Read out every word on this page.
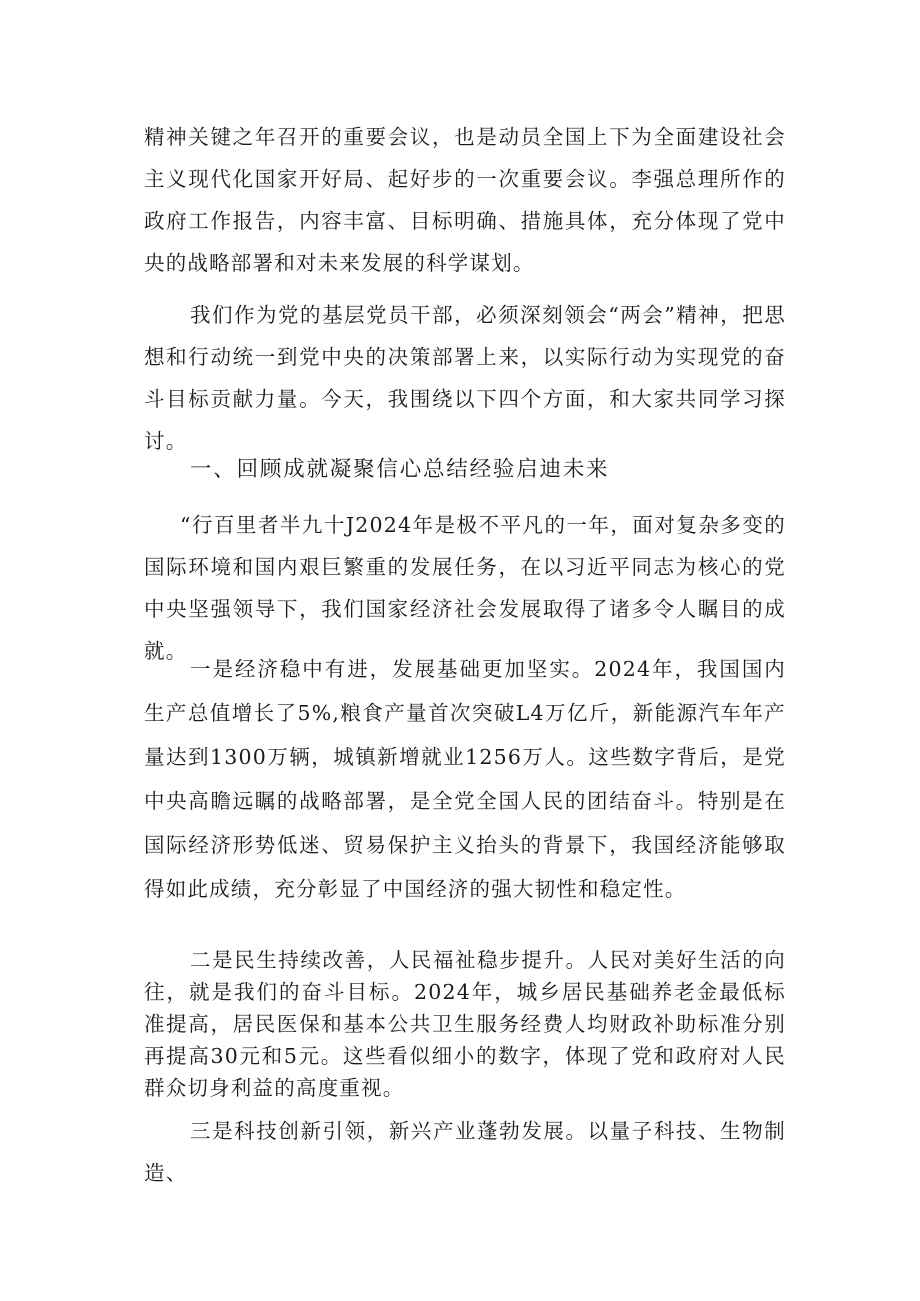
精神关键之年召开的重要会议，也是动员全国上下为全面建设社会主义现代化国家开好局、起好步的一次重要会议。李强总理所作的政府工作报告，内容丰富、目标明确、措施具体，充分体现了党中央的战略部署和对未来发展的科学谋划。

我们作为党的基层党员干部，必须深刻领会“两会”精神，把思想和行动统一到党中央的决策部署上来，以实际行动为实现党的奋斗目标贡献力量。今天，我围绕以下四个方面，和大家共同学习探讨。

一、回顾成就凝聚信心总结经验启迪未来

“行百里者半九十J2024年是极不平凡的一年，面对复杂多变的国际环境和国内艰巨繁重的发展任务，在以习近平同志为核心的党中央坚强领导下，我们国家经济社会发展取得了诸多令人瞩目的成就。

一是经济稳中有进，发展基础更加坚实。2024年，我国国内生产总值增长了5%,粮食产量首次突破L4万亿斤，新能源汽车年产量达到1300万辆，城镇新增就业1256万人。这些数字背后，是党中央高瞻远瞩的战略部署，是全党全国人民的团结奋斗。特别是在国际经济形势低迷、贸易保护主义抬头的背景下，我国经济能够取得如此成绩，充分彰显了中国经济的强大韧性和稳定性。

二是民生持续改善，人民福祉稳步提升。人民对美好生活的向往，就是我们的奋斗目标。2024年，城乡居民基础养老金最低标准提高，居民医保和基本公共卫生服务经费人均财政补助标准分别再提高30元和5元。这些看似细小的数字，体现了党和政府对人民群众切身利益的高度重视。

三是科技创新引领，新兴产业蓬勃发展。以量子科技、生物制造、
